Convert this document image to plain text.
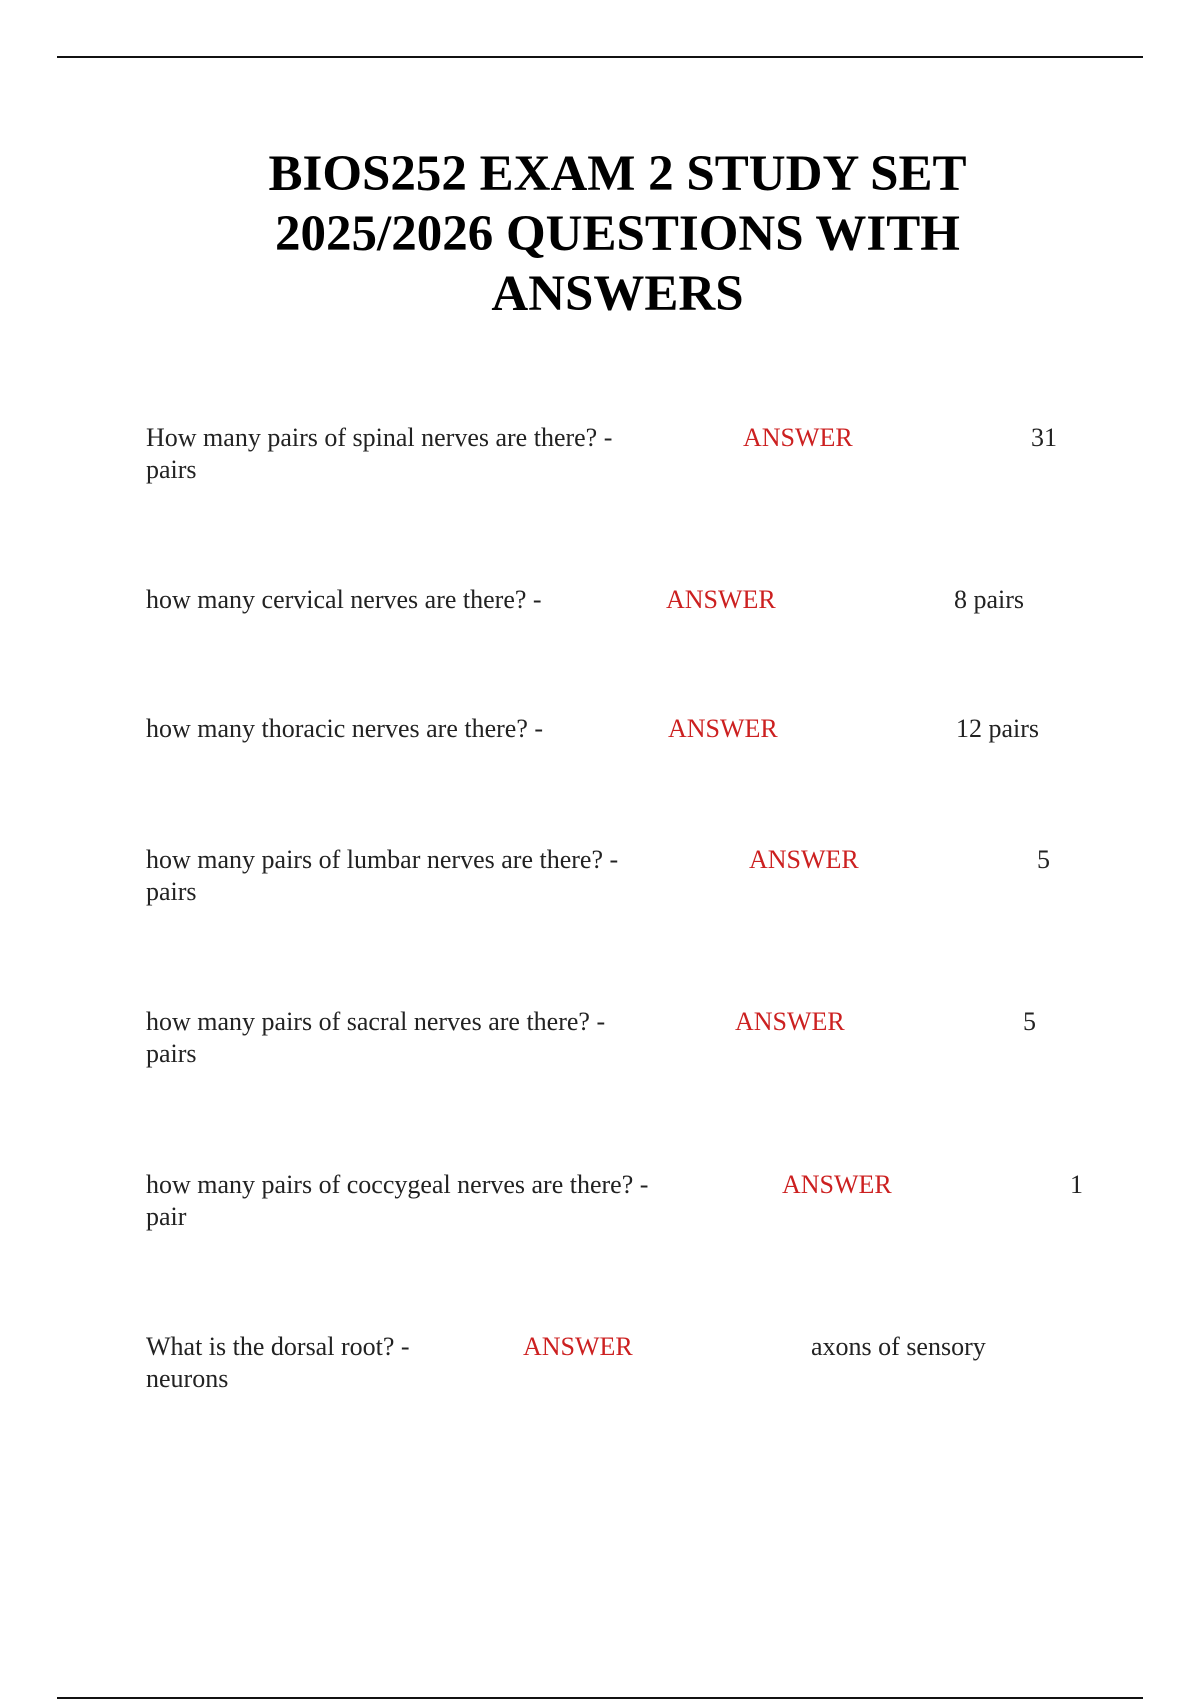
BIOS252 EXAM 2 STUDY SET
2025/2026 QUESTIONS WITH
ANSWERS
How many pairs of spinal nerves are there? -	ANSWER	31
pairs
how many cervical nerves are there? -	ANSWER	8 pairs
how many thoracic nerves are there? -	ANSWER	12 pairs
how many pairs of lumbar nerves are there? -	ANSWER	5
pairs
how many pairs of sacral nerves are there? -	ANSWER	5
pairs
how many pairs of coccygeal nerves are there? -	ANSWER	1
pair
What is the dorsal root? -	ANSWER	axons of sensory
neurons
